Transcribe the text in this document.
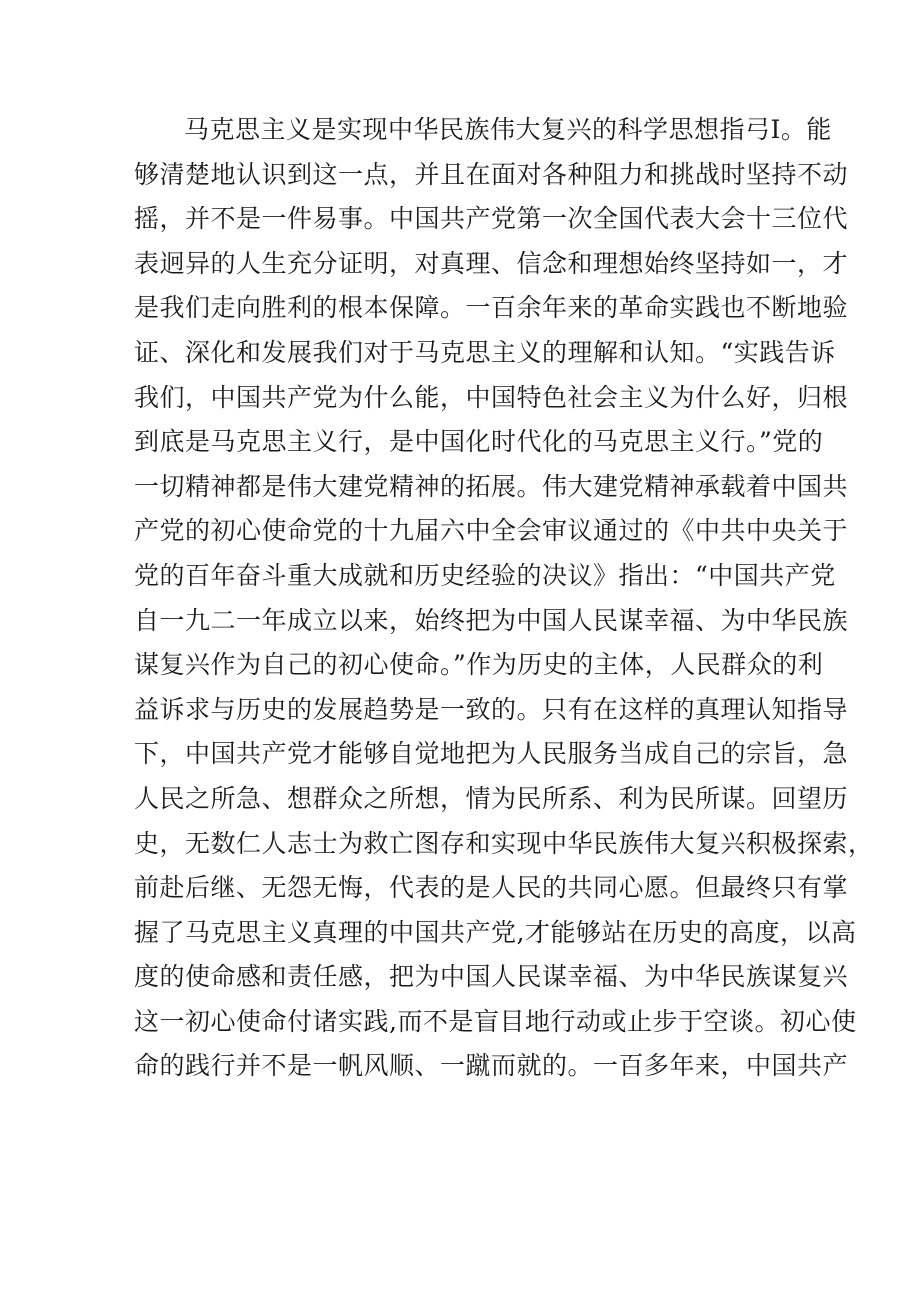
马克思主义是实现中华民族伟大复兴的科学思想指弓I。能
够清楚地认识到这一点，并且在面对各种阻力和挑战时坚持不动
摇，并不是一件易事。中国共产党第一次全国代表大会十三位代
表迥异的人生充分证明，对真理、信念和理想始终坚持如一，才
是我们走向胜利的根本保障。一百余年来的革命实践也不断地验
证、深化和发展我们对于马克思主义的理解和认知。“实践告诉
我们，中国共产党为什么能，中国特色社会主义为什么好，归根
到底是马克思主义行，是中国化时代化的马克思主义行。”党的
一切精神都是伟大建党精神的拓展。伟大建党精神承载着中国共
产党的初心使命党的十九届六中全会审议通过的《中共中央关于
党的百年奋斗重大成就和历史经验的决议》指出：“中国共产党
自一九二一年成立以来，始终把为中国人民谋幸福、为中华民族
谋复兴作为自己的初心使命。”作为历史的主体，人民群众的利
益诉求与历史的发展趋势是一致的。只有在这样的真理认知指导
下，中国共产党才能够自觉地把为人民服务当成自己的宗旨，急
人民之所急、想群众之所想，情为民所系、利为民所谋。回望历
史，无数仁人志士为救亡图存和实现中华民族伟大复兴积极探索，
前赴后继、无怨无悔，代表的是人民的共同心愿。但最终只有掌
握了马克思主义真理的中国共产党,才能够站在历史的高度，以高
度的使命感和责任感，把为中国人民谋幸福、为中华民族谋复兴
这一初心使命付诸实践,而不是盲目地行动或止步于空谈。初心使
命的践行并不是一帆风顺、一蹴而就的。一百多年来，中国共产
